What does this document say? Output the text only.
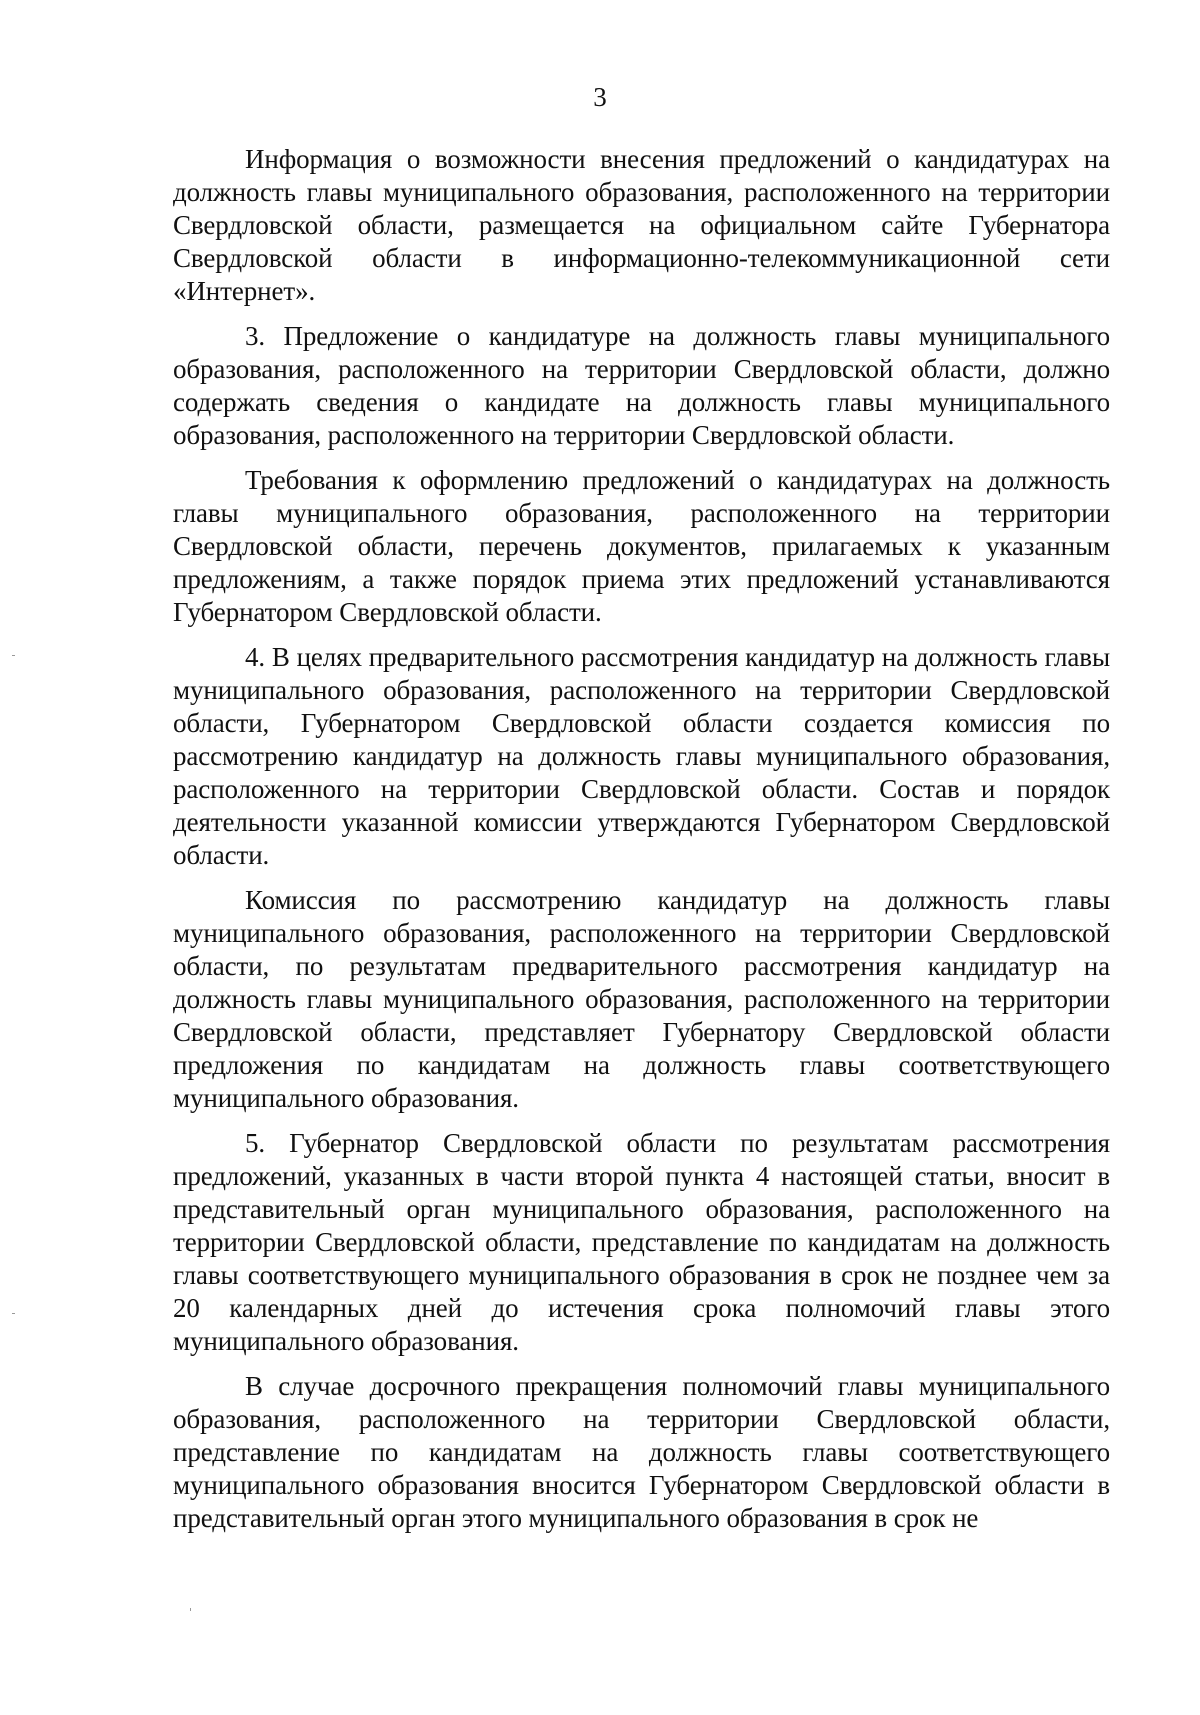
3

Информация о возможности внесения предложений о кандидатурах на должность главы муниципального образования, расположенного на территории Свердловской области, размещается на официальном сайте Губернатора Свердловской области в информационно-телекоммуникационной сети «Интернет».

3. Предложение о кандидатуре на должность главы муниципального образования, расположенного на территории Свердловской области, должно содержать сведения о кандидате на должность главы муниципального образования, расположенного на территории Свердловской области.

Требования к оформлению предложений о кандидатурах на должность главы муниципального образования, расположенного на территории Свердловской области, перечень документов, прилагаемых к указанным предложениям, а также порядок приема этих предложений устанавливаются Губернатором Свердловской области.

4. В целях предварительного рассмотрения кандидатур на должность главы муниципального образования, расположенного на территории Свердловской области, Губернатором Свердловской области создается комиссия по рассмотрению кандидатур на должность главы муниципального образования, расположенного на территории Свердловской области. Состав и порядок деятельности указанной комиссии утверждаются Губернатором Свердловской области.

Комиссия по рассмотрению кандидатур на должность главы муниципального образования, расположенного на территории Свердловской области, по результатам предварительного рассмотрения кандидатур на должность главы муниципального образования, расположенного на территории Свердловской области, представляет Губернатору Свердловской области предложения по кандидатам на должность главы соответствующего муниципального образования.

5. Губернатор Свердловской области по результатам рассмотрения предложений, указанных в части второй пункта 4 настоящей статьи, вносит в представительный орган муниципального образования, расположенного на территории Свердловской области, представление по кандидатам на должность главы соответствующего муниципального образования в срок не позднее чем за 20 календарных дней до истечения срока полномочий главы этого муниципального образования.

В случае досрочного прекращения полномочий главы муниципального образования, расположенного на территории Свердловской области, представление по кандидатам на должность главы соответствующего муниципального образования вносится Губернатором Свердловской области в представительный орган этого муниципального образования в срок не
